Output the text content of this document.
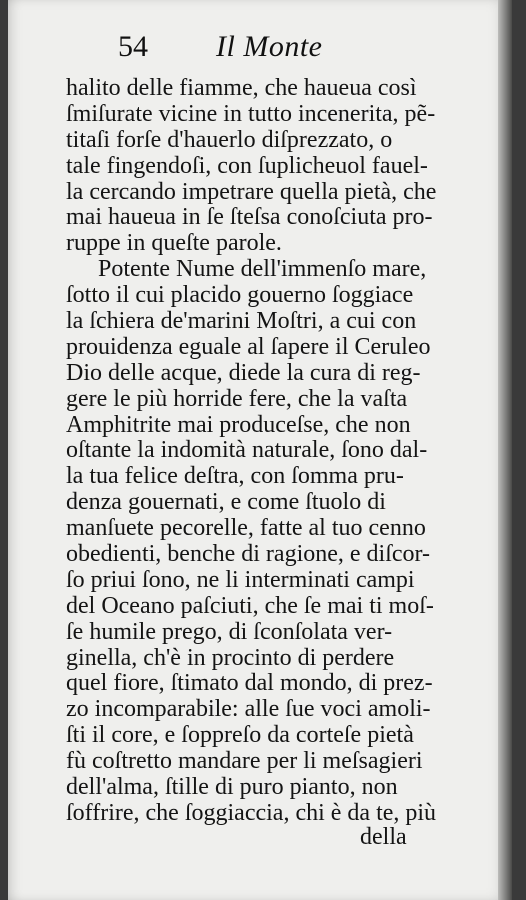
54 Il Monte
halito delle fiamme, che haueua così
ſmiſurate vicine in tutto incenerita, pẽ-
titaſi forſe d'hauerlo diſprezzato, o
tale fingendoſi, con ſuplicheuol fauel-
la cercando impetrare quella pietà, che
mai haueua in ſe ſteſsa conoſciuta pro-
ruppe in queſte parole.
Potente Nume dell'immenſo mare,
ſotto il cui placido gouerno ſoggiace
la ſchiera de'marini Moſtri, a cui con
prouidenza eguale al ſapere il Ceruleo
Dio delle acque, diede la cura di reg-
gere le più horride fere, che la vaſta
Amphitrite mai produceſse, che non
oſtante la indomità naturale, ſono dal-
la tua felice deſtra, con ſomma pru-
denza gouernati, e come ſtuolo di
manſuete pecorelle, fatte al tuo cenno
obedienti, benche di ragione, e diſcor-
ſo priui ſono, ne li interminati campi
del Oceano paſciuti, che ſe mai ti moſ-
ſe humile prego, di ſconſolata ver-
ginella, ch'è in procinto di perdere
quel fiore, ſtimato dal mondo, di prez-
zo incomparabile: alle ſue voci amoli-
ſti il core, e ſoppreſo da corteſe pietà
fù coſtretto mandare per li meſsagieri
dell'alma, ſtille di puro pianto, non
ſoffrire, che ſoggiaccia, chi è da te, più
della
